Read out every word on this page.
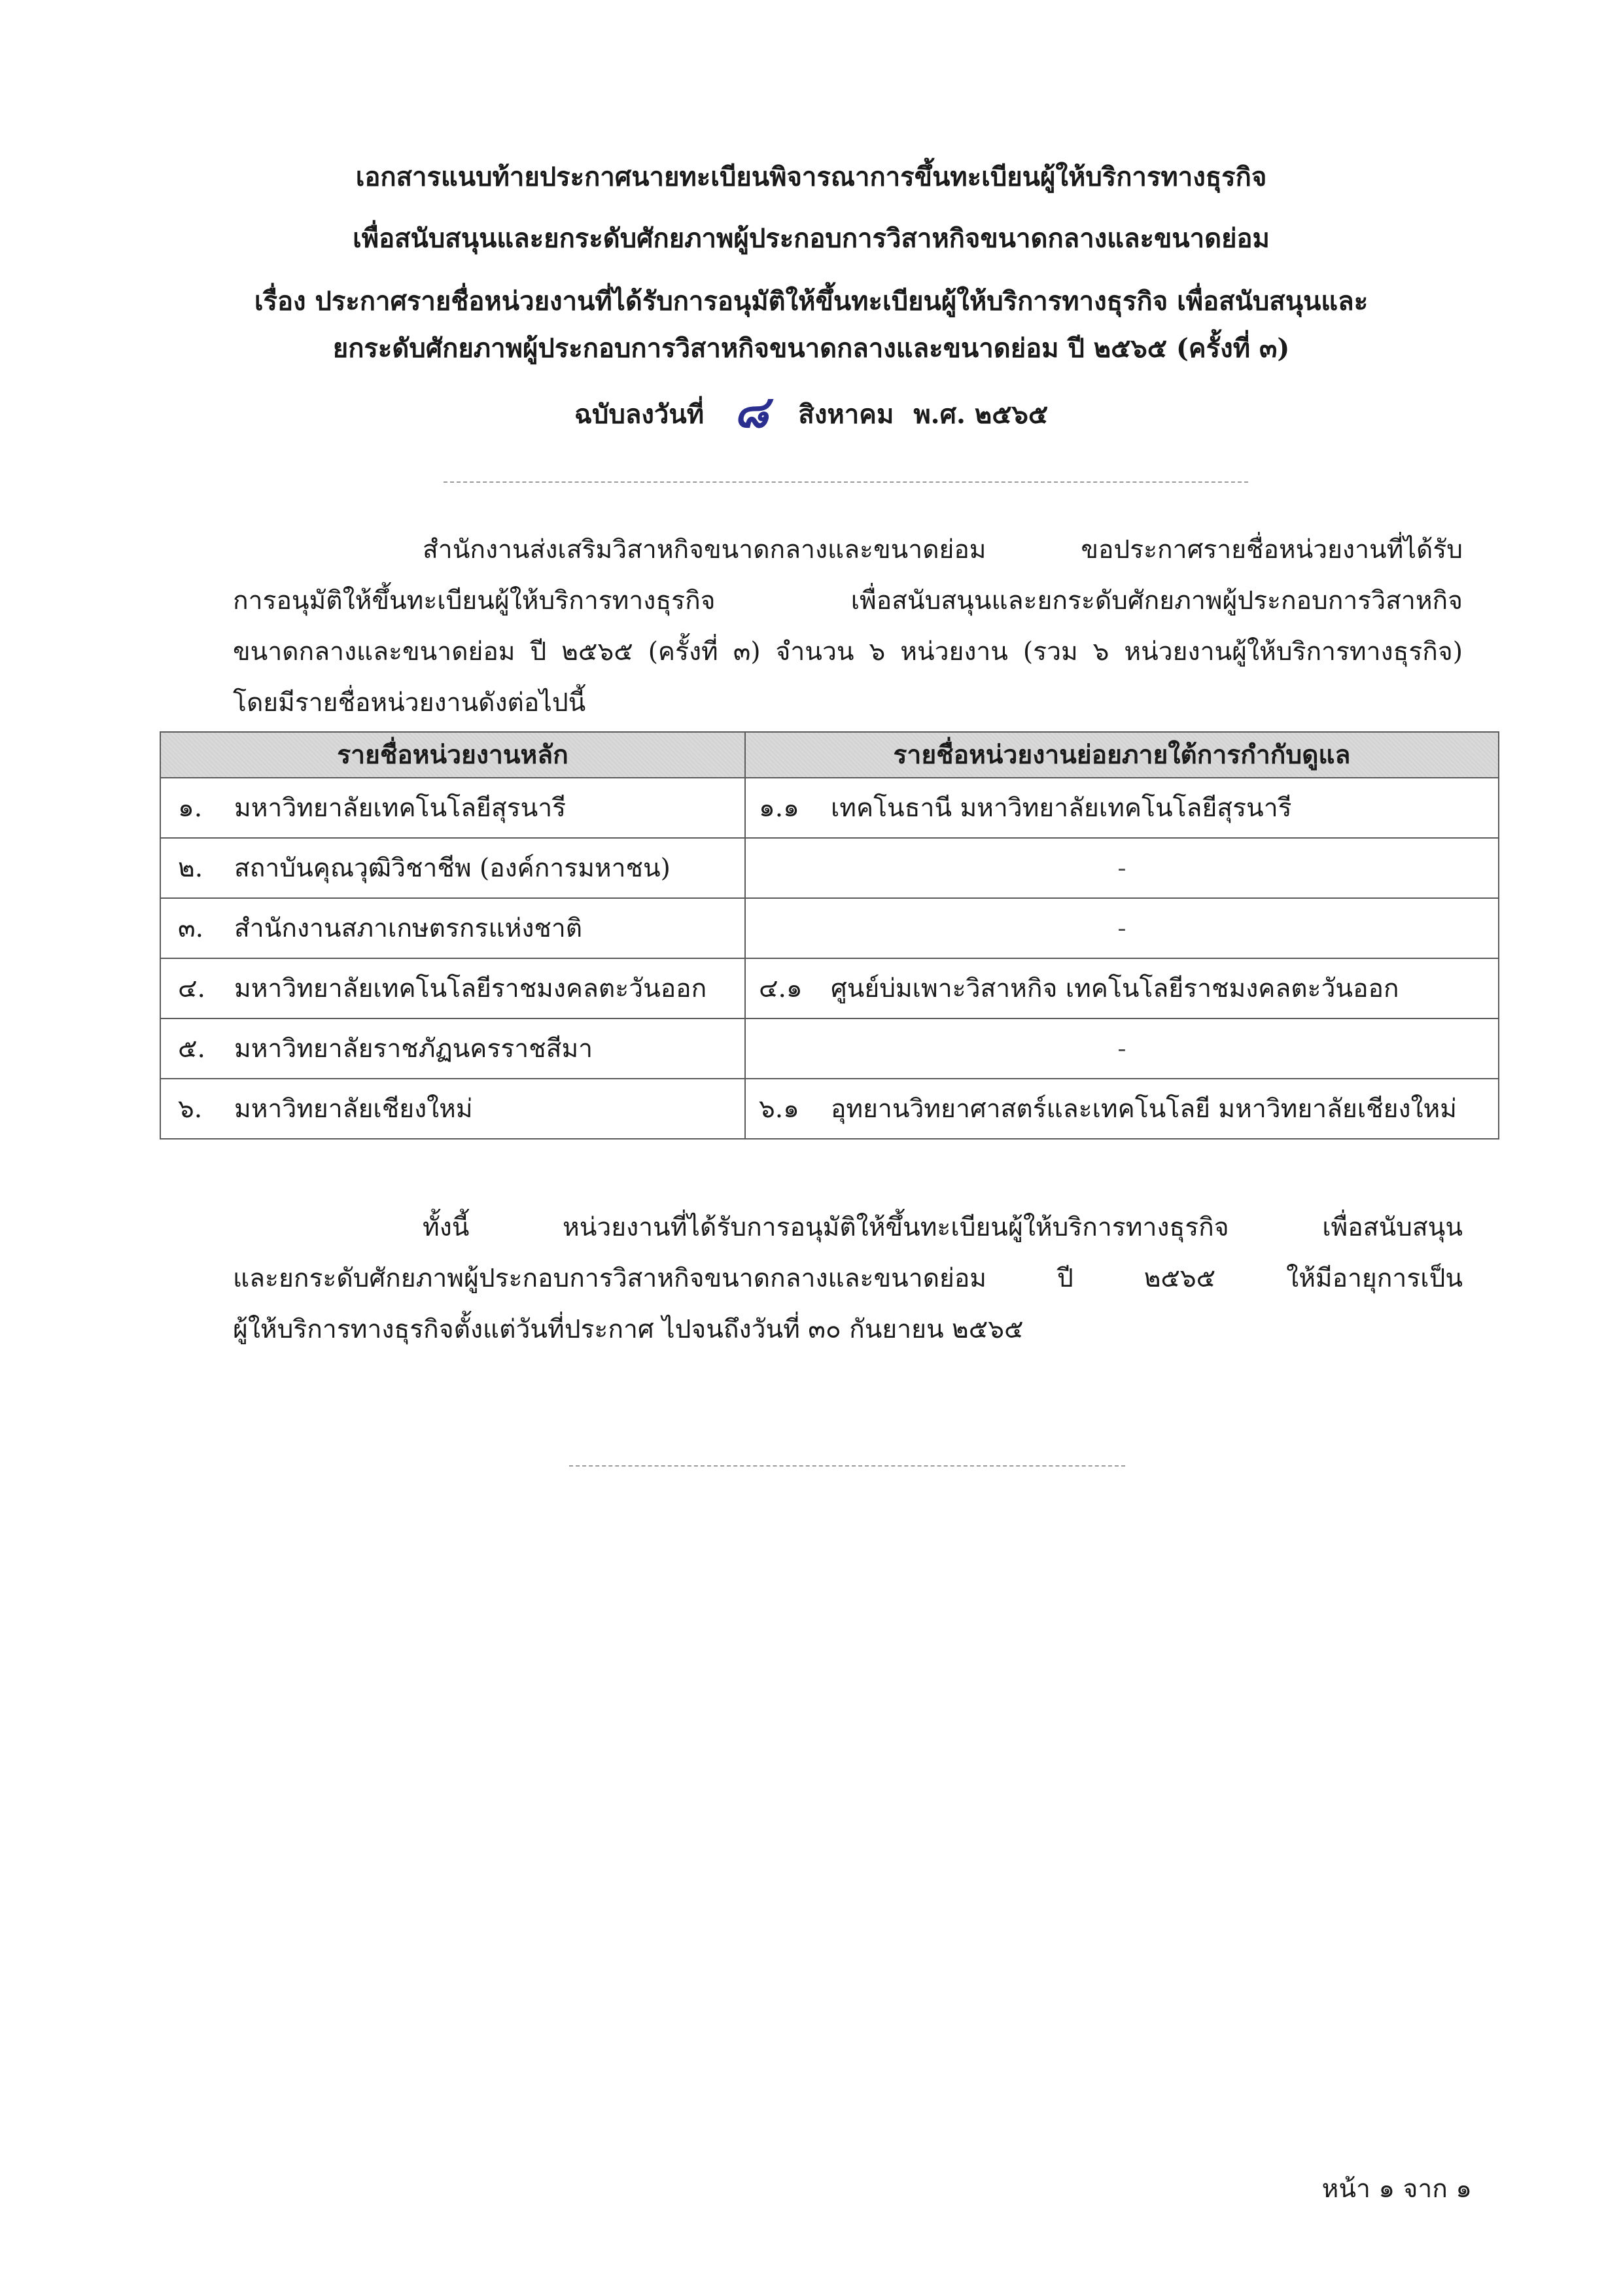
เอกสารแนบท้ายประกาศนายทะเบียนพิจารณาการขึ้นทะเบียนผู้ให้บริการทางธุรกิจ
เพื่อสนับสนุนและยกระดับศักยภาพผู้ประกอบการวิสาหกิจขนาดกลางและขนาดย่อม
เรื่อง ประกาศรายชื่อหน่วยงานที่ได้รับการอนุมัติให้ขึ้นทะเบียนผู้ให้บริการทางธุรกิจ เพื่อสนับสนุนและ
ยกระดับศักยภาพผู้ประกอบการวิสาหกิจขนาดกลางและขนาดย่อม ปี ๒๕๖๕ (ครั้งที่ ๓)
ฉบับลงวันที่ ๘ สิงหาคม พ.ศ. ๒๕๖๕
สำนักงานส่งเสริมวิสาหกิจขนาดกลางและขนาดย่อม ขอประกาศรายชื่อหน่วยงานที่ได้รับ
การอนุมัติให้ขึ้นทะเบียนผู้ให้บริการทางธุรกิจ เพื่อสนับสนุนและยกระดับศักยภาพผู้ประกอบการวิสาหกิจ
ขนาดกลางและขนาดย่อม ปี ๒๕๖๕ (ครั้งที่ ๓) จำนวน ๖ หน่วยงาน (รวม ๖ หน่วยงานผู้ให้บริการทางธุรกิจ)
โดยมีรายชื่อหน่วยงานดังต่อไปนี้
รายชื่อหน่วยงานหลัก	รายชื่อหน่วยงานย่อยภายใต้การกำกับดูแล
๑. มหาวิทยาลัยเทคโนโลยีสุรนารี	๑.๑ เทคโนธานี มหาวิทยาลัยเทคโนโลยีสุรนารี
๒. สถาบันคุณวุฒิวิชาชีพ (องค์การมหาชน)	-
๓. สำนักงานสภาเกษตรกรแห่งชาติ	-
๔. มหาวิทยาลัยเทคโนโลยีราชมงคลตะวันออก	๔.๑ ศูนย์บ่มเพาะวิสาหกิจ เทคโนโลยีราชมงคลตะวันออก
๕. มหาวิทยาลัยราชภัฏนครราชสีมา	-
๖. มหาวิทยาลัยเชียงใหม่	๖.๑ อุทยานวิทยาศาสตร์และเทคโนโลยี มหาวิทยาลัยเชียงใหม่
ทั้งนี้ หน่วยงานที่ได้รับการอนุมัติให้ขึ้นทะเบียนผู้ให้บริการทางธุรกิจ เพื่อสนับสนุน
และยกระดับศักยภาพผู้ประกอบการวิสาหกิจขนาดกลางและขนาดย่อม ปี ๒๕๖๕ ให้มีอายุการเป็น
ผู้ให้บริการทางธุรกิจตั้งแต่วันที่ประกาศ ไปจนถึงวันที่ ๓๐ กันยายน ๒๕๖๕
หน้า ๑ จาก ๑
